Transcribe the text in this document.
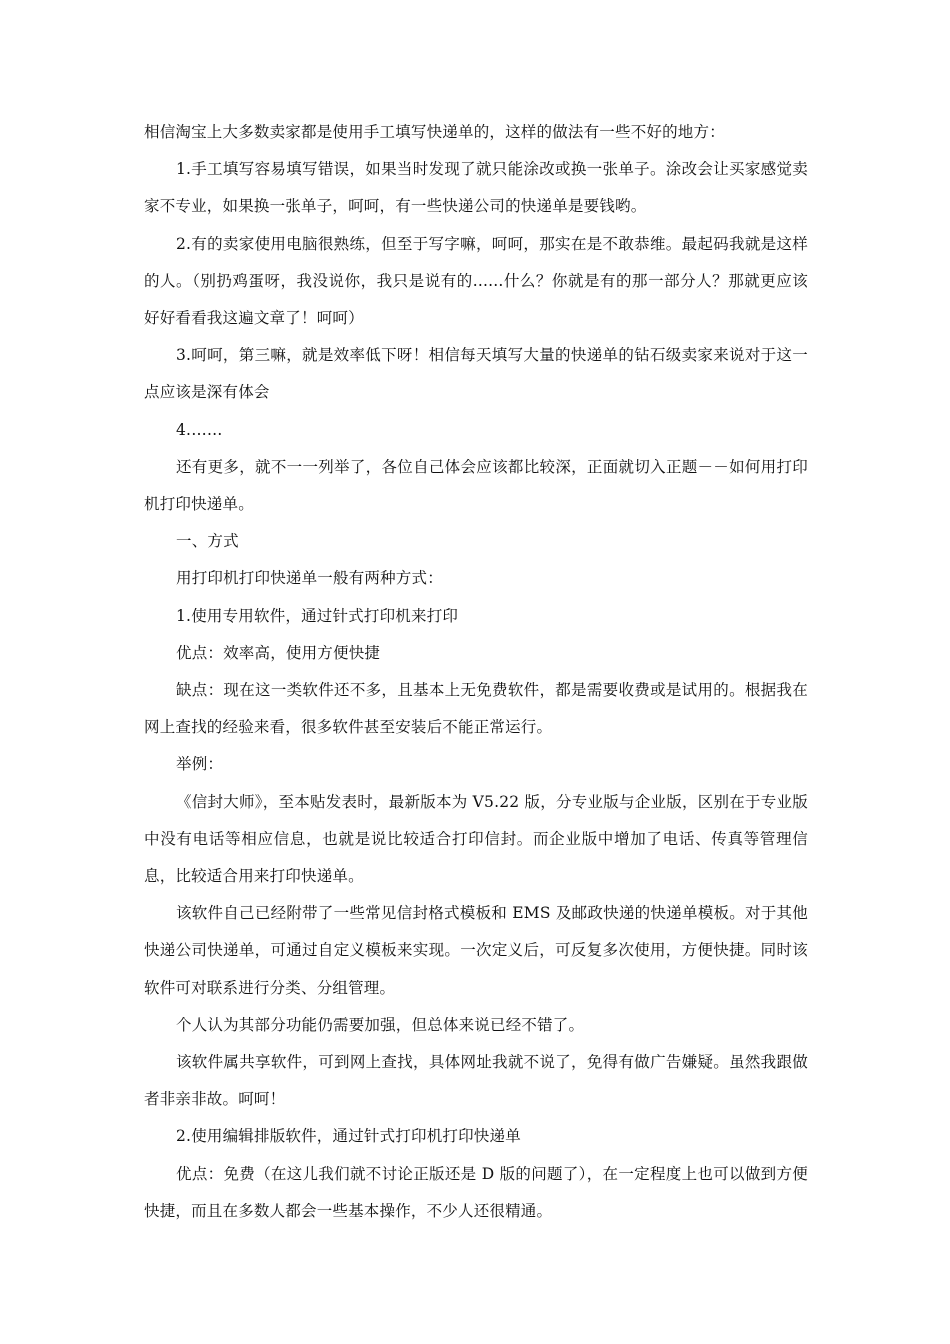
相信淘宝上大多数卖家都是使用手工填写快递单的，这样的做法有一些不好的地方：

1.手工填写容易填写错误，如果当时发现了就只能涂改或换一张单子。涂改会让买家感觉卖家不专业，如果换一张单子，呵呵，有一些快递公司的快递单是要钱哟。

2.有的卖家使用电脑很熟练，但至于写字嘛，呵呵，那实在是不敢恭维。最起码我就是这样的人。（别扔鸡蛋呀，我没说你，我只是说有的......什么？你就是有的那一部分人？那就更应该好好看看我这遍文章了！呵呵）

3.呵呵，第三嘛，就是效率低下呀！相信每天填写大量的快递单的钻石级卖家来说对于这一点应该是深有体会

4.……

还有更多，就不一一列举了，各位自己体会应该都比较深，正面就切入正题－－如何用打印机打印快递单。

一、方式

用打印机打印快递单一般有两种方式：

1.使用专用软件，通过针式打印机来打印

优点：效率高，使用方便快捷

缺点：现在这一类软件还不多，且基本上无免费软件，都是需要收费或是试用的。根据我在网上查找的经验来看，很多软件甚至安装后不能正常运行。

举例：

《信封大师》，至本贴发表时，最新版本为 V5.22 版，分专业版与企业版，区别在于专业版中没有电话等相应信息，也就是说比较适合打印信封。而企业版中增加了电话、传真等管理信息，比较适合用来打印快递单。

该软件自己已经附带了一些常见信封格式模板和 EMS 及邮政快递的快递单模板。对于其他快递公司快递单，可通过自定义模板来实现。一次定义后，可反复多次使用，方便快捷。同时该软件可对联系进行分类、分组管理。

个人认为其部分功能仍需要加强，但总体来说已经不错了。

该软件属共享软件，可到网上查找，具体网址我就不说了，免得有做广告嫌疑。虽然我跟做者非亲非故。呵呵！

2.使用编辑排版软件，通过针式打印机打印快递单

优点：免费（在这儿我们就不讨论正版还是 D 版的问题了），在一定程度上也可以做到方便快捷，而且在多数人都会一些基本操作，不少人还很精通。
